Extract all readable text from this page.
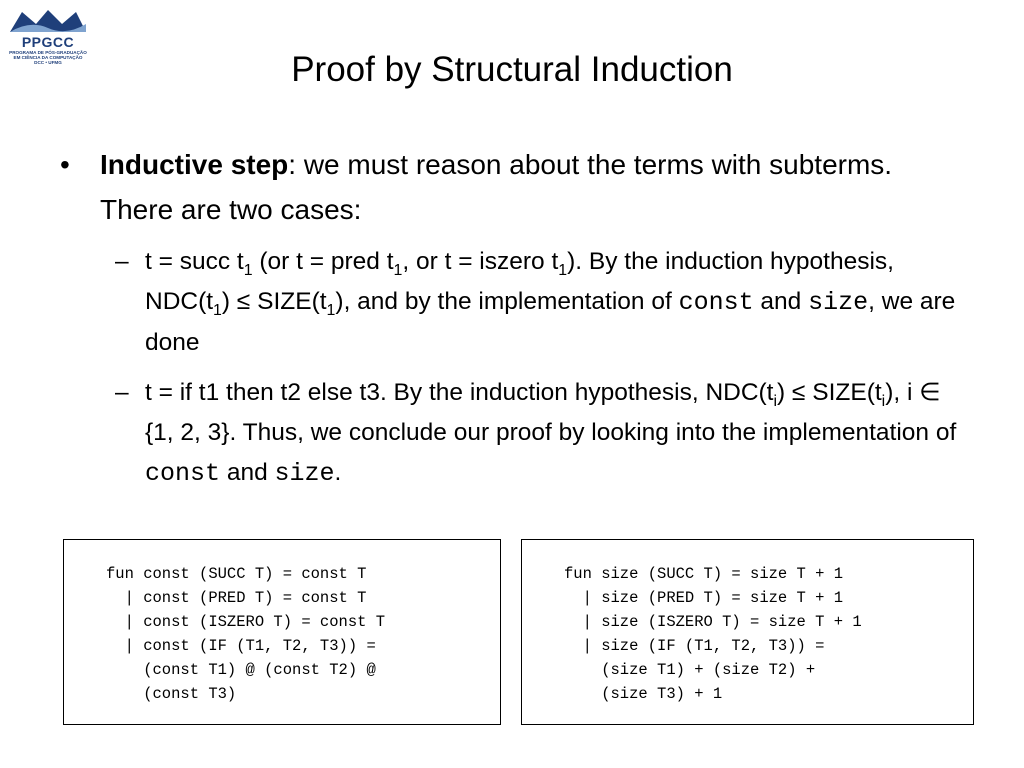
PPGCC
PROGRAMA DE PÓS-GRADUAÇÃO
EM CIÊNCIA DA COMPUTAÇÃO
DCC • UFMG	Proof by Structural Induction
• Inductive step: we must reason about the terms with subterms. There are two cases:
– t = succ $t_1$ (or t = pred $t_1$, or t = iszero $t_1$). By the induction hypothesis, $NDC(t_1)$ ≤ $SIZE(t_1)$, and by the implementation of const and size, we are done
– t = if t1 then t2 else t3. By the induction hypothesis, $NDC(t_i)$ ≤ $SIZE(t_i)$, i ∈ {1, 2, 3}. Thus, we conclude our proof by looking into the implementation of const and size.
fun const (SUCC T) = const T
| const (PRED T) = const T
| const (ISZERO T) = const T
| const (IF (T1, T2, T3)) =
(const T1) @ (const T2) @
(const T3)
fun size (SUCC T) = size T + 1
| size (PRED T) = size T + 1
| size (ISZERO T) = size T + 1
| size (IF (T1, T2, T3)) =
(size T1) + (size T2) +
(size T3) + 1
